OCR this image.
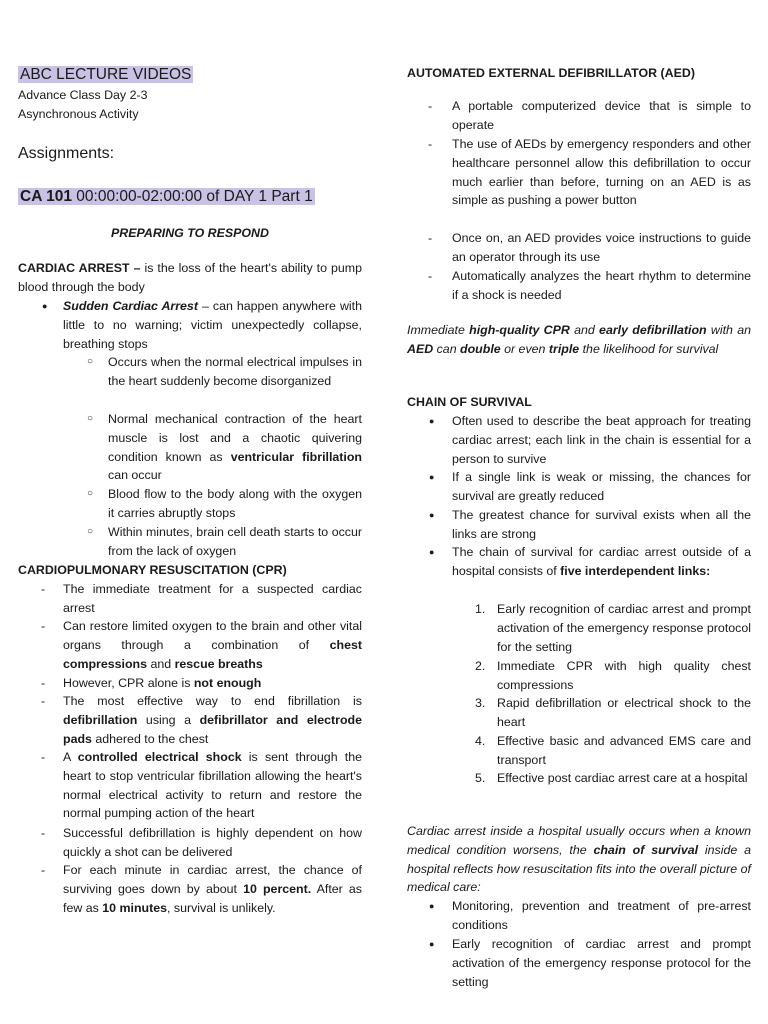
ABC LECTURE VIDEOS
Advance Class Day 2-3
Asynchronous Activity
Assignments:
CA 101 00:00:00-02:00:00 of DAY 1 Part 1
PREPARING TO RESPOND
CARDIAC ARREST – is the loss of the heart's ability to pump blood through the body
● Sudden Cardiac Arrest – can happen anywhere with little to no warning; victim unexpectedly collapse, breathing stops
○ Occurs when the normal electrical impulses in the heart suddenly become disorganized
○ Normal mechanical contraction of the heart muscle is lost and a chaotic quivering condition known as ventricular fibrillation can occur
○ Blood flow to the body along with the oxygen it carries abruptly stops
○ Within minutes, brain cell death starts to occur from the lack of oxygen
CARDIOPULMONARY RESUSCITATION (CPR)
- The immediate treatment for a suspected cardiac arrest
- Can restore limited oxygen to the brain and other vital organs through a combination of chest compressions and rescue breaths
- However, CPR alone is not enough
- The most effective way to end fibrillation is defibrillation using a defibrillator and electrode pads adhered to the chest
- A controlled electrical shock is sent through the heart to stop ventricular fibrillation allowing the heart's normal electrical activity to return and restore the normal pumping action of the heart
- Successful defibrillation is highly dependent on how quickly a shot can be delivered
- For each minute in cardiac arrest, the chance of surviving goes down by about 10 percent. After as few as 10 minutes, survival is unlikely.
AUTOMATED EXTERNAL DEFIBRILLATOR (AED)
- A portable computerized device that is simple to operate
- The use of AEDs by emergency responders and other healthcare personnel allow this defibrillation to occur much earlier than before, turning on an AED is as simple as pushing a power button
- Once on, an AED provides voice instructions to guide an operator through its use
- Automatically analyzes the heart rhythm to determine if a shock is needed
Immediate high-quality CPR and early defibrillation with an AED can double or even triple the likelihood for survival
CHAIN OF SURVIVAL
● Often used to describe the beat approach for treating cardiac arrest; each link in the chain is essential for a person to survive
● If a single link is weak or missing, the chances for survival are greatly reduced
● The greatest chance for survival exists when all the links are strong
● The chain of survival for cardiac arrest outside of a hospital consists of five interdependent links:
1. Early recognition of cardiac arrest and prompt activation of the emergency response protocol for the setting
2. Immediate CPR with high quality chest compressions
3. Rapid defibrillation or electrical shock to the heart
4. Effective basic and advanced EMS care and transport
5. Effective post cardiac arrest care at a hospital
Cardiac arrest inside a hospital usually occurs when a known medical condition worsens, the chain of survival inside a hospital reflects how resuscitation fits into the overall picture of medical care:
● Monitoring, prevention and treatment of pre-arrest conditions
● Early recognition of cardiac arrest and prompt activation of the emergency response protocol for the setting
